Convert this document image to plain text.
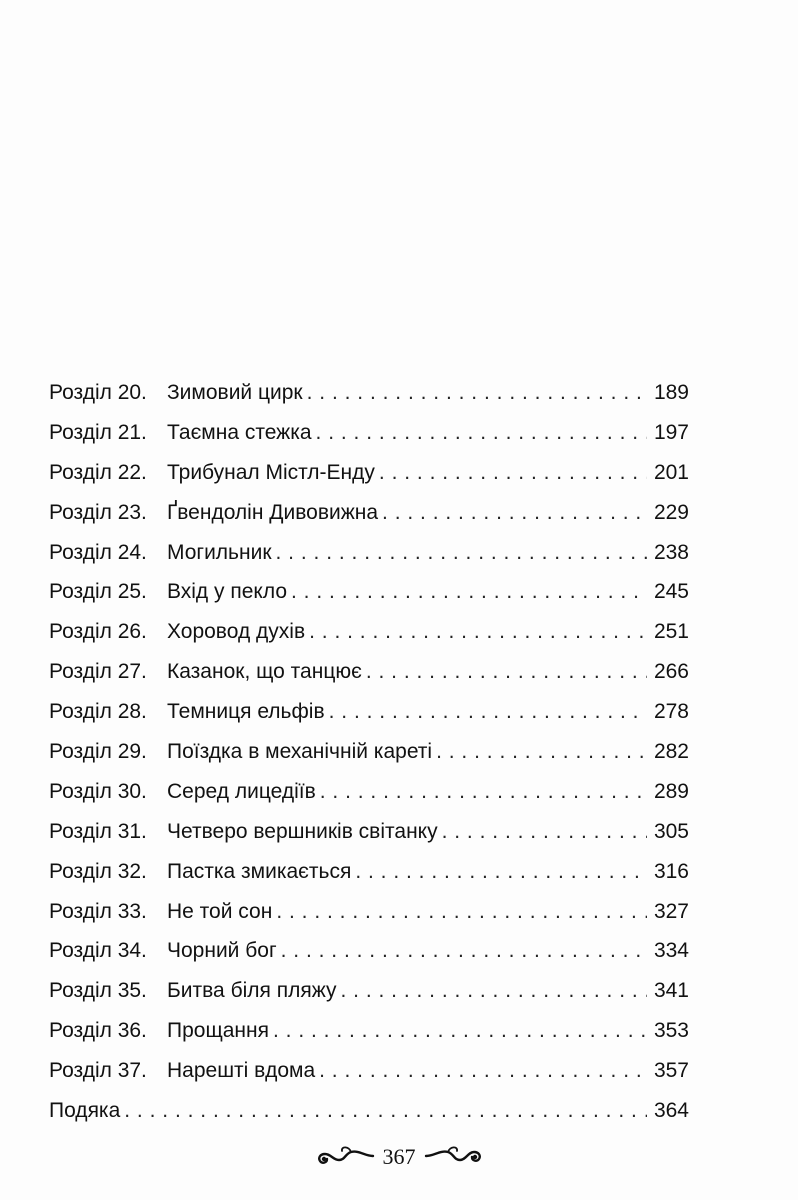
Розділ 20. Зимовий цирк . . .	189
Розділ 21. Таємна стежка . . .	197
Розділ 22. Трибунал Містл-Енду . . .	201
Розділ 23. Ґвендолін Дивовижна . . .	229
Розділ 24. Могильник . . .	238
Розділ 25. Вхід у пекло . . .	245
Розділ 26. Хоровод духів . . .	251
Розділ 27. Казанок, що танцює . . .	266
Розділ 28. Темниця ельфів . . .	278
Розділ 29. Поїздка в механічній кареті . . .	282
Розділ 30. Серед лицедіїв . . .	289
Розділ 31. Четверо вершників світанку . . .	305
Розділ 32. Пастка змикається . . .	316
Розділ 33. Не той сон . . .	327
Розділ 34. Чорний бог . . .	334
Розділ 35. Битва біля пляжу . . .	341
Розділ 36. Прощання . . .	353
Розділ 37. Нарешті вдома . . .	357
Подяка . . .	364
367
